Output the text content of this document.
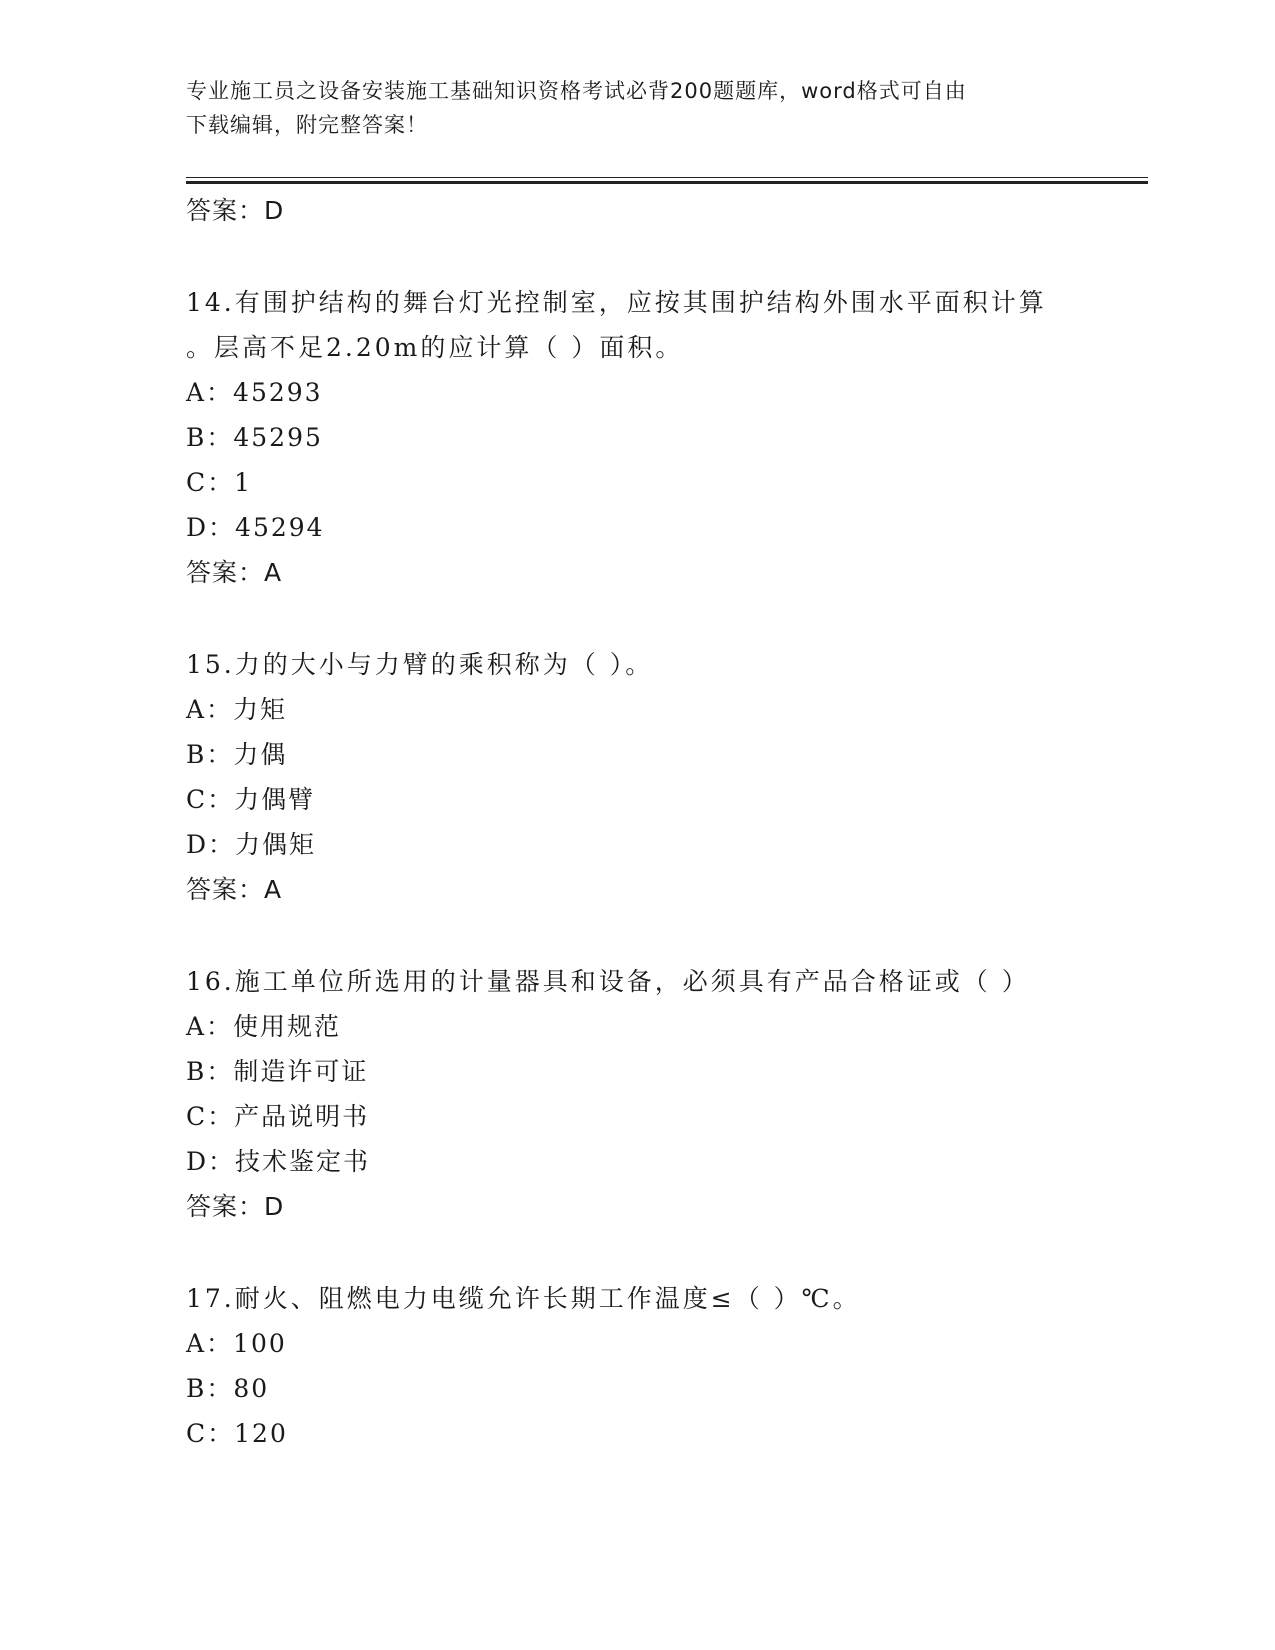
专业施工员之设备安装施工基础知识资格考试必背200题题库，word格式可自由
下载编辑，附完整答案！
答案：D
14.有围护结构的舞台灯光控制室，应按其围护结构外围水平面积计算
。层高不足2.20m的应计算（ ）面积。
A：45293
B：45295
C：1
D：45294
答案：A
15.力的大小与力臂的乘积称为（ ）。
A：力矩
B：力偶
C：力偶臂
D：力偶矩
答案：A
16.施工单位所选用的计量器具和设备，必须具有产品合格证或（ ）
A：使用规范
B：制造许可证
C：产品说明书
D：技术鉴定书
答案：D
17.耐火、阻燃电力电缆允许长期工作温度≤（ ）℃。
A：100
B：80
C：120
